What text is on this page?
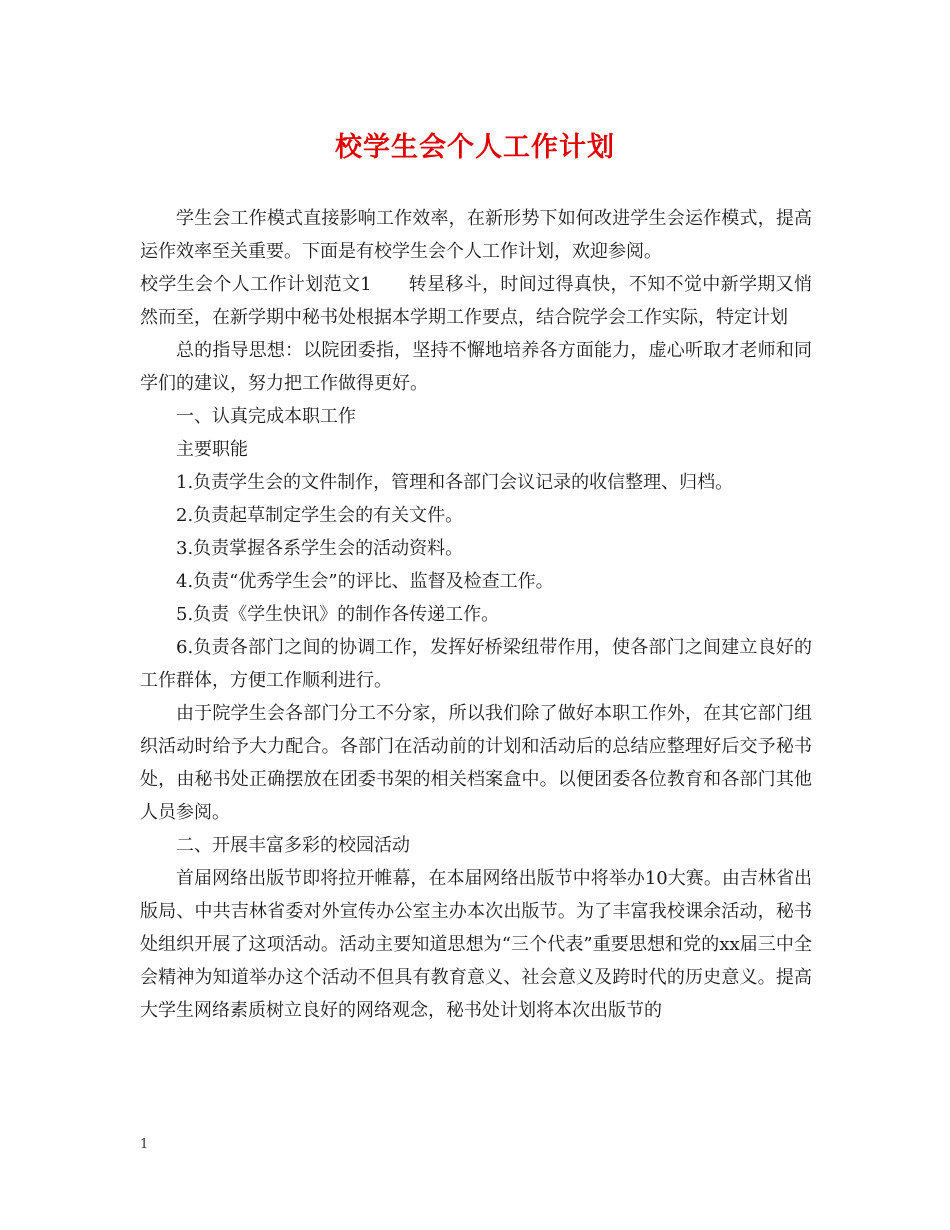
校学生会个人工作计划

学生会工作模式直接影响工作效率，在新形势下如何改进学生会运作模式，提高运作效率至关重要。下面是有校学生会个人工作计划，欢迎参阅。

校学生会个人工作计划范文1　　转星移斗，时间过得真快，不知不觉中新学期又悄然而至，在新学期中秘书处根据本学期工作要点，结合院学会工作实际，特定计划

总的指导思想：以院团委指，坚持不懈地培养各方面能力，虚心听取才老师和同学们的建议，努力把工作做得更好。

一、认真完成本职工作

主要职能

1.负责学生会的文件制作，管理和各部门会议记录的收信整理、归档。

2.负责起草制定学生会的有关文件。

3.负责掌握各系学生会的活动资料。

4.负责“优秀学生会”的评比、监督及检查工作。

5.负责《学生快讯》的制作各传递工作。

6.负责各部门之间的协调工作，发挥好桥梁纽带作用，使各部门之间建立良好的工作群体，方便工作顺利进行。

由于院学生会各部门分工不分家，所以我们除了做好本职工作外，在其它部门组织活动时给予大力配合。各部门在活动前的计划和活动后的总结应整理好后交予秘书处，由秘书处正确摆放在团委书架的相关档案盒中。以便团委各位教育和各部门其他人员参阅。

二、开展丰富多彩的校园活动

首届网络出版节即将拉开帷幕，在本届网络出版节中将举办10大赛。由吉林省出版局、中共吉林省委对外宣传办公室主办本次出版节。为了丰富我校课余活动，秘书处组织开展了这项活动。活动主要知道思想为“三个代表”重要思想和党的xx届三中全会精神为知道举办这个活动不但具有教育意义、社会意义及跨时代的历史意义。提高大学生网络素质树立良好的网络观念，秘书处计划将本次出版节的

1
